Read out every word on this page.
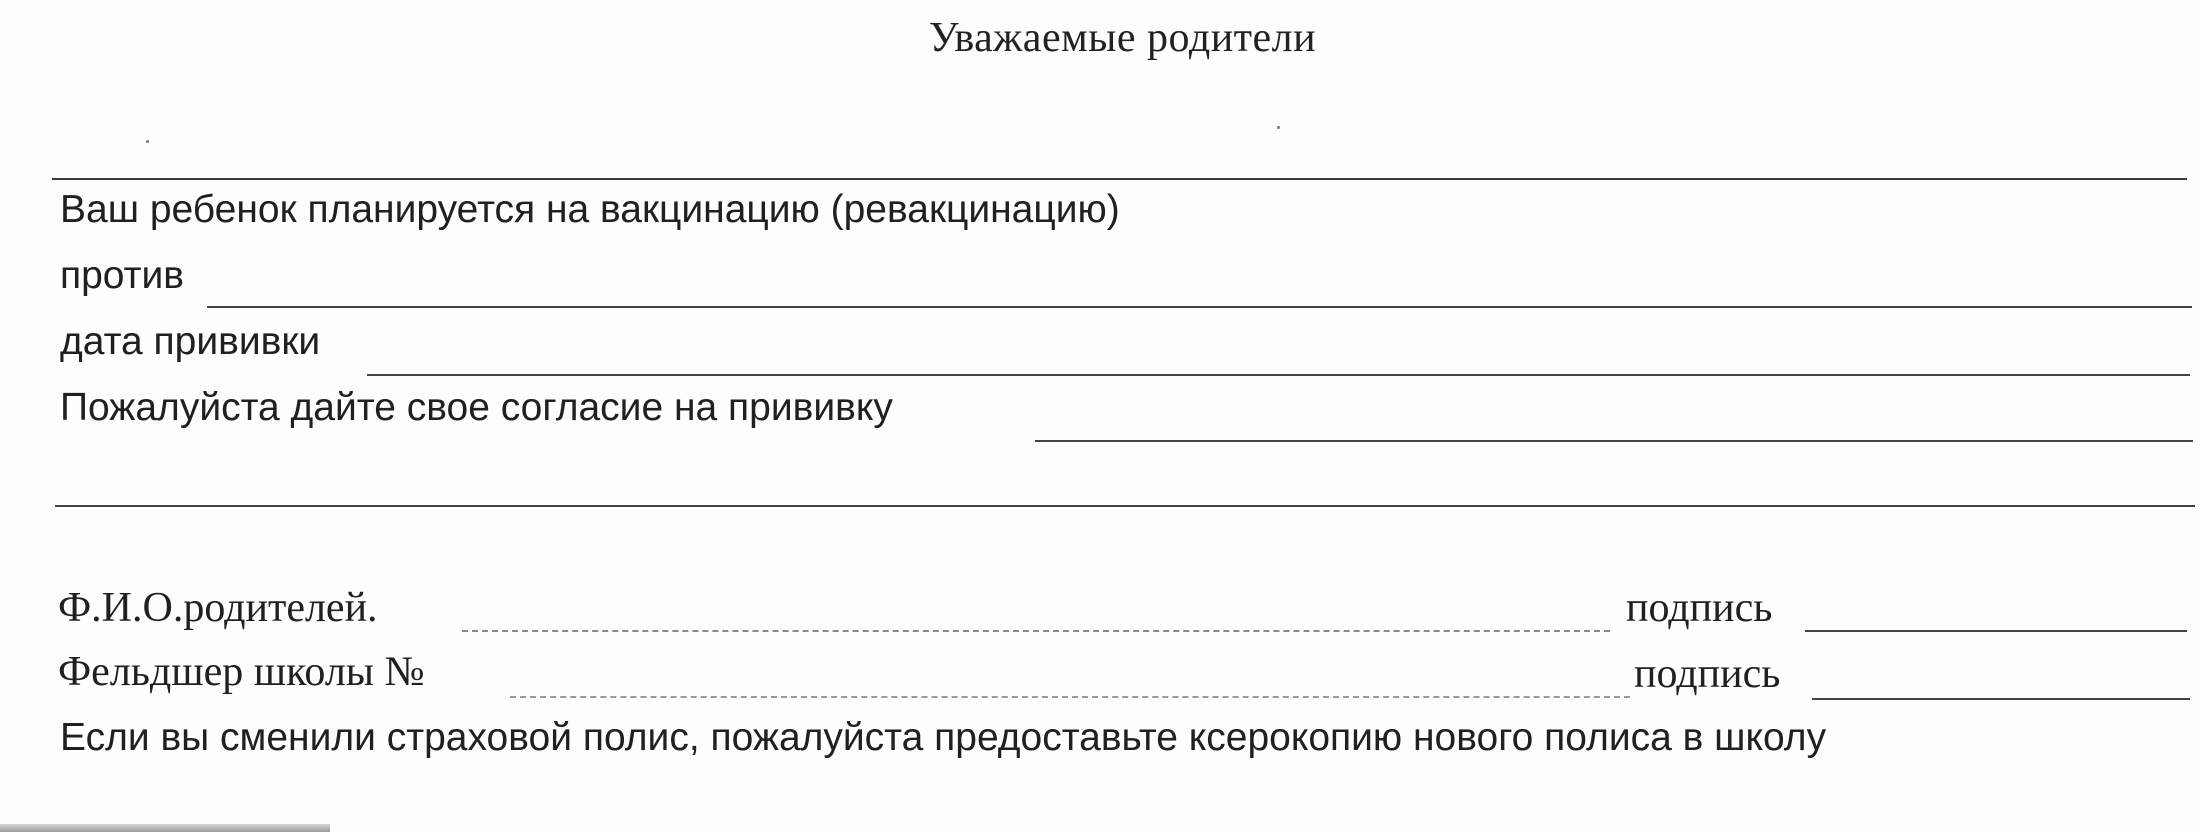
Уважаемые родители
Ваш ребенок планируется на вакцинацию (ревакцинацию)
против
дата прививки
Пожалуйста дайте свое согласие на прививку
Ф.И.О.родителей.	подпись
Фельдшер школы №	подпись
Если вы сменили страховой полис, пожалуйста предоставьте ксерокопию нового полиса в школу
